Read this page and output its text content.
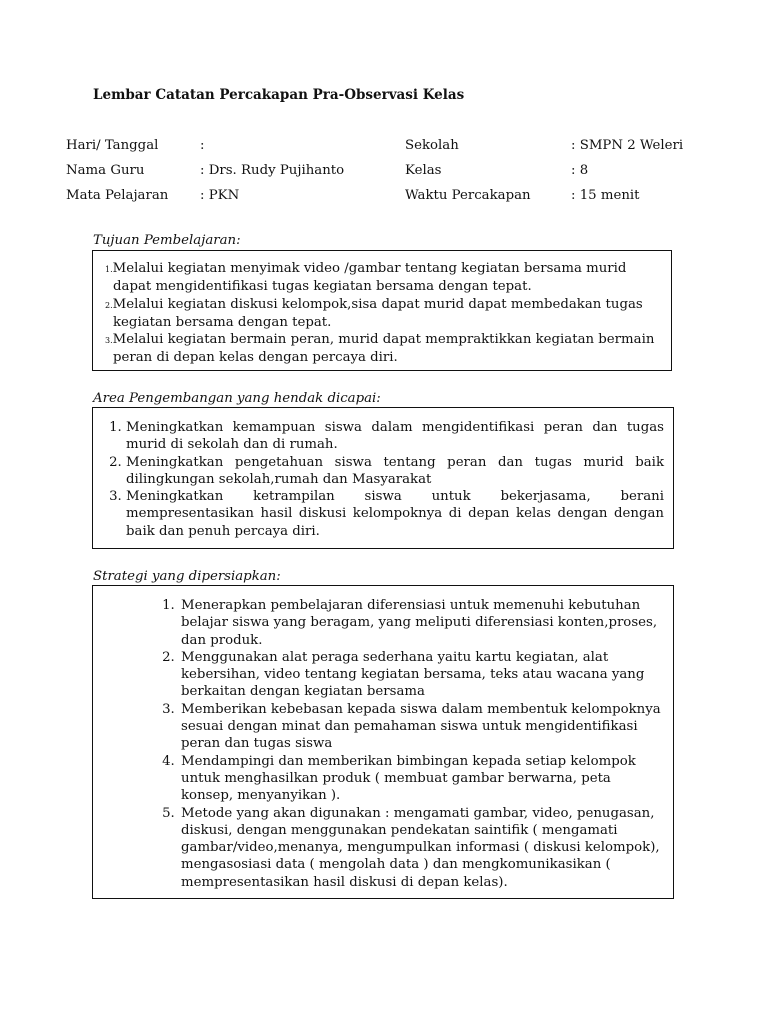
Lembar Catatan Percakapan Pra-Observasi Kelas
Hari/ Tanggal	:	Sekolah	: SMPN 2 Weleri
Nama Guru	: Drs. Rudy Pujihanto	Kelas	: 8
Mata Pelajaran : PKN	Waktu Percakapan	: 15 menit
Tujuan Pembelajaran:
1.Melalui kegiatan menyimak video /gambar tentang kegiatan bersama murid dapat mengidentifikasi tugas kegiatan bersama dengan tepat.
2.Melalui kegiatan diskusi kelompok,sisa dapat murid dapat membedakan tugas kegiatan bersama dengan tepat.
3.Melalui kegiatan bermain peran, murid dapat mempraktikkan kegiatan bermain peran di depan kelas dengan percaya diri.
Area Pengembangan yang hendak dicapai:
1. Meningkatkan kemampuan siswa dalam mengidentifikasi peran dan tugas murid di sekolah dan di rumah.
2. Meningkatkan pengetahuan siswa tentang peran dan tugas murid baik dilingkungan sekolah,rumah dan Masyarakat
3. Meningkatkan ketrampilan siswa untuk bekerjasama, berani mempresentasikan hasil diskusi kelompoknya di depan kelas dengan dengan baik dan penuh percaya diri.
Strategi yang dipersiapkan:
1. Menerapkan pembelajaran diferensiasi untuk memenuhi kebutuhan belajar siswa yang beragam, yang meliputi diferensiasi konten,proses, dan produk.
2. Menggunakan alat peraga sederhana yaitu kartu kegiatan, alat kebersihan, video tentang kegiatan bersama, teks atau wacana yang berkaitan dengan kegiatan bersama
3. Memberikan kebebasan kepada siswa dalam membentuk kelompoknya sesuai dengan minat dan pemahaman siswa untuk mengidentifikasi peran dan tugas siswa
4. Mendampingi dan memberikan bimbingan kepada setiap kelompok untuk menghasilkan produk ( membuat gambar berwarna, peta konsep, menyanyikan ).
5. Metode yang akan digunakan : mengamati gambar, video, penugasan, diskusi, dengan menggunakan pendekatan saintifik ( mengamati gambar/video,menanya, mengumpulkan informasi ( diskusi kelompok), mengasosiasi data ( mengolah data ) dan mengkomunikasikan ( mempresentasikan hasil diskusi di depan kelas).
